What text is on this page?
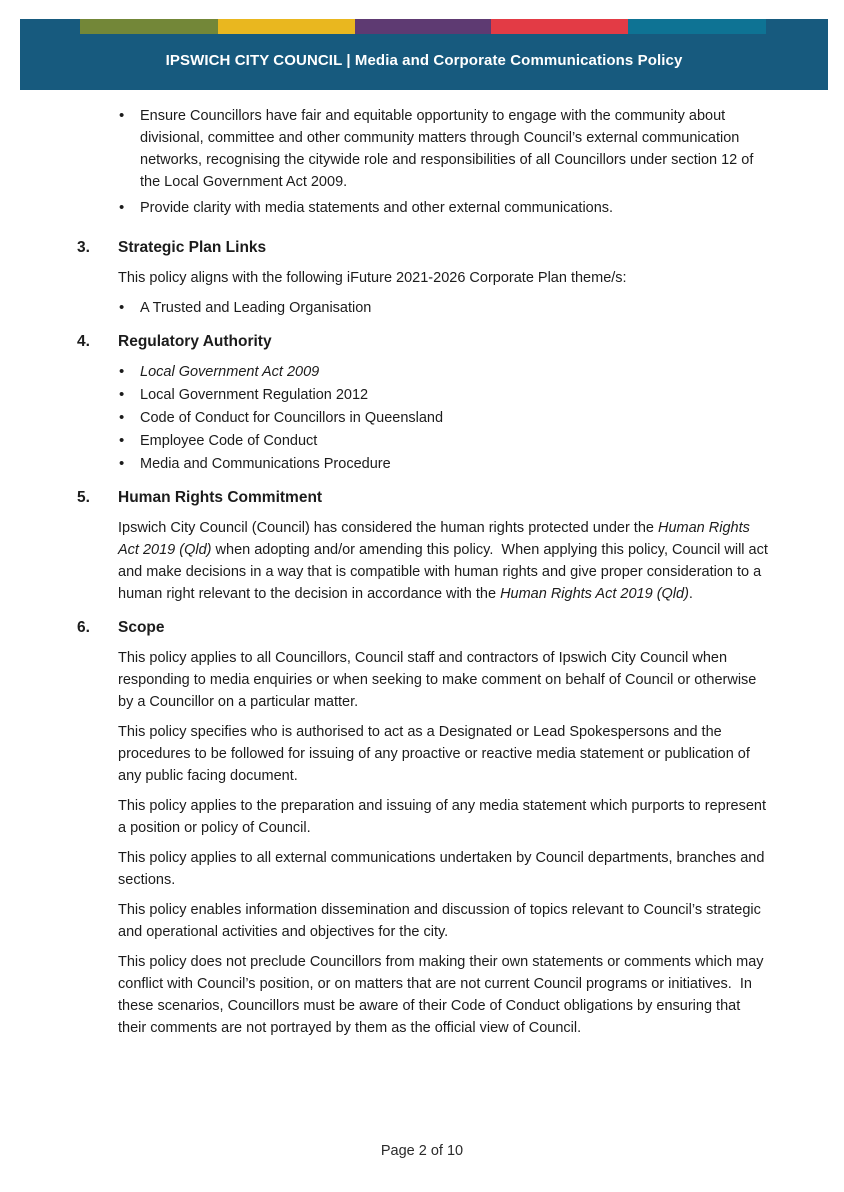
IPSWICH CITY COUNCIL | Media and Corporate Communications Policy
• Ensure Councillors have fair and equitable opportunity to engage with the community about divisional, committee and other community matters through Council’s external communication networks, recognising the citywide role and responsibilities of all Councillors under section 12 of the Local Government Act 2009.
• Provide clarity with media statements and other external communications.
3.	Strategic Plan Links

This policy aligns with the following iFuture 2021-2026 Corporate Plan theme/s:

• A Trusted and Leading Organisation
4.	Regulatory Authority
• Local Government Act 2009
• Local Government Regulation 2012
• Code of Conduct for Councillors in Queensland
• Employee Code of Conduct
• Media and Communications Procedure
5.	Human Rights Commitment

Ipswich City Council (Council) has considered the human rights protected under the Human Rights Act 2019 (Qld) when adopting and/or amending this policy.  When applying this policy, Council will act and make decisions in a way that is compatible with human rights and give proper consideration to a human right relevant to the decision in accordance with the Human Rights Act 2019 (Qld).

6.	Scope

This policy applies to all Councillors, Council staff and contractors of Ipswich City Council when responding to media enquiries or when seeking to make comment on behalf of Council or otherwise by a Councillor on a particular matter.

This policy specifies who is authorised to act as a Designated or Lead Spokespersons and the procedures to be followed for issuing of any proactive or reactive media statement or publication of any public facing document.

This policy applies to the preparation and issuing of any media statement which purports to represent a position or policy of Council.

This policy applies to all external communications undertaken by Council departments, branches and sections.

This policy enables information dissemination and discussion of topics relevant to Council’s strategic and operational activities and objectives for the city.

This policy does not preclude Councillors from making their own statements or comments which may conflict with Council’s position, or on matters that are not current Council programs or initiatives.  In these scenarios, Councillors must be aware of their Code of Conduct obligations by ensuring that their comments are not portrayed by them as the official view of Council.

Page 2 of 10
